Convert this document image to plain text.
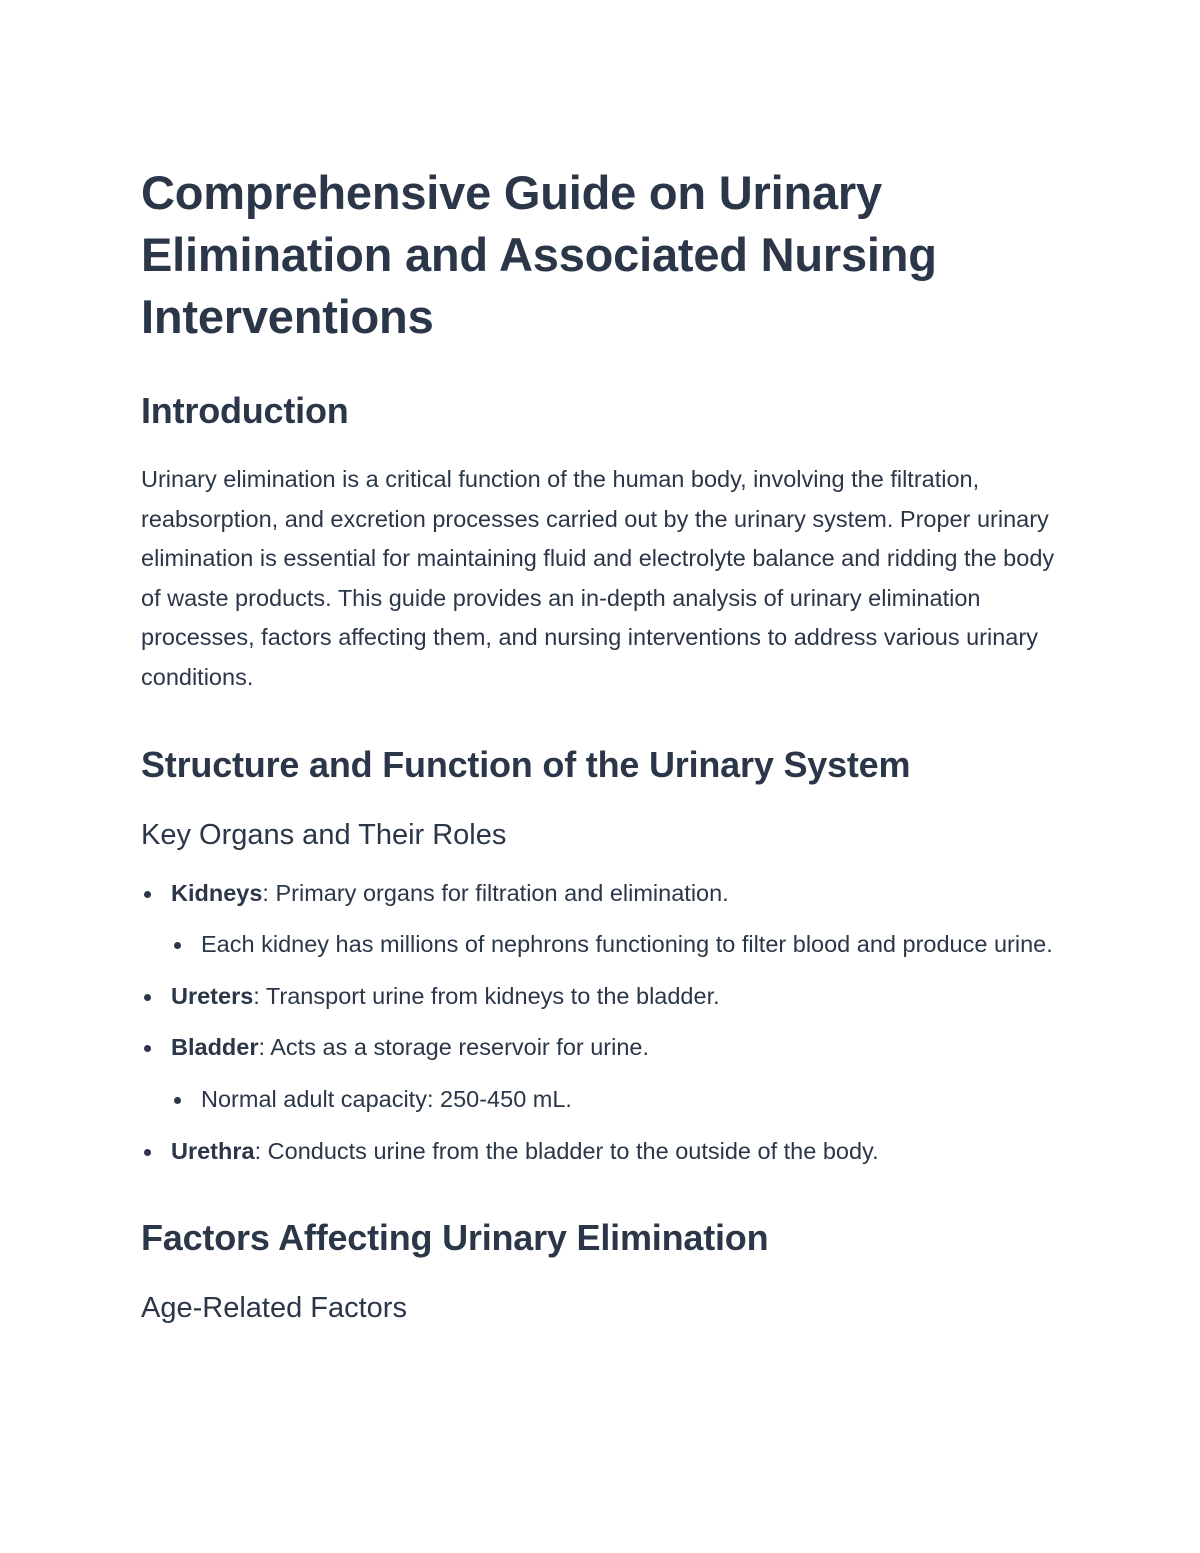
Comprehensive Guide on Urinary Elimination and Associated Nursing Interventions
Introduction

Urinary elimination is a critical function of the human body, involving the filtration, reabsorption, and excretion processes carried out by the urinary system. Proper urinary elimination is essential for maintaining fluid and electrolyte balance and ridding the body of waste products. This guide provides an in-depth analysis of urinary elimination processes, factors affecting them, and nursing interventions to address various urinary conditions.

Structure and Function of the Urinary System
Key Organs and Their Roles
Kidneys: Primary organs for filtration and elimination.
Each kidney has millions of nephrons functioning to filter blood and produce urine.
Ureters: Transport urine from kidneys to the bladder.
Bladder: Acts as a storage reservoir for urine.
Normal adult capacity: 250-450 mL.
Urethra: Conducts urine from the bladder to the outside of the body.
Factors Affecting Urinary Elimination
Age-Related Factors
